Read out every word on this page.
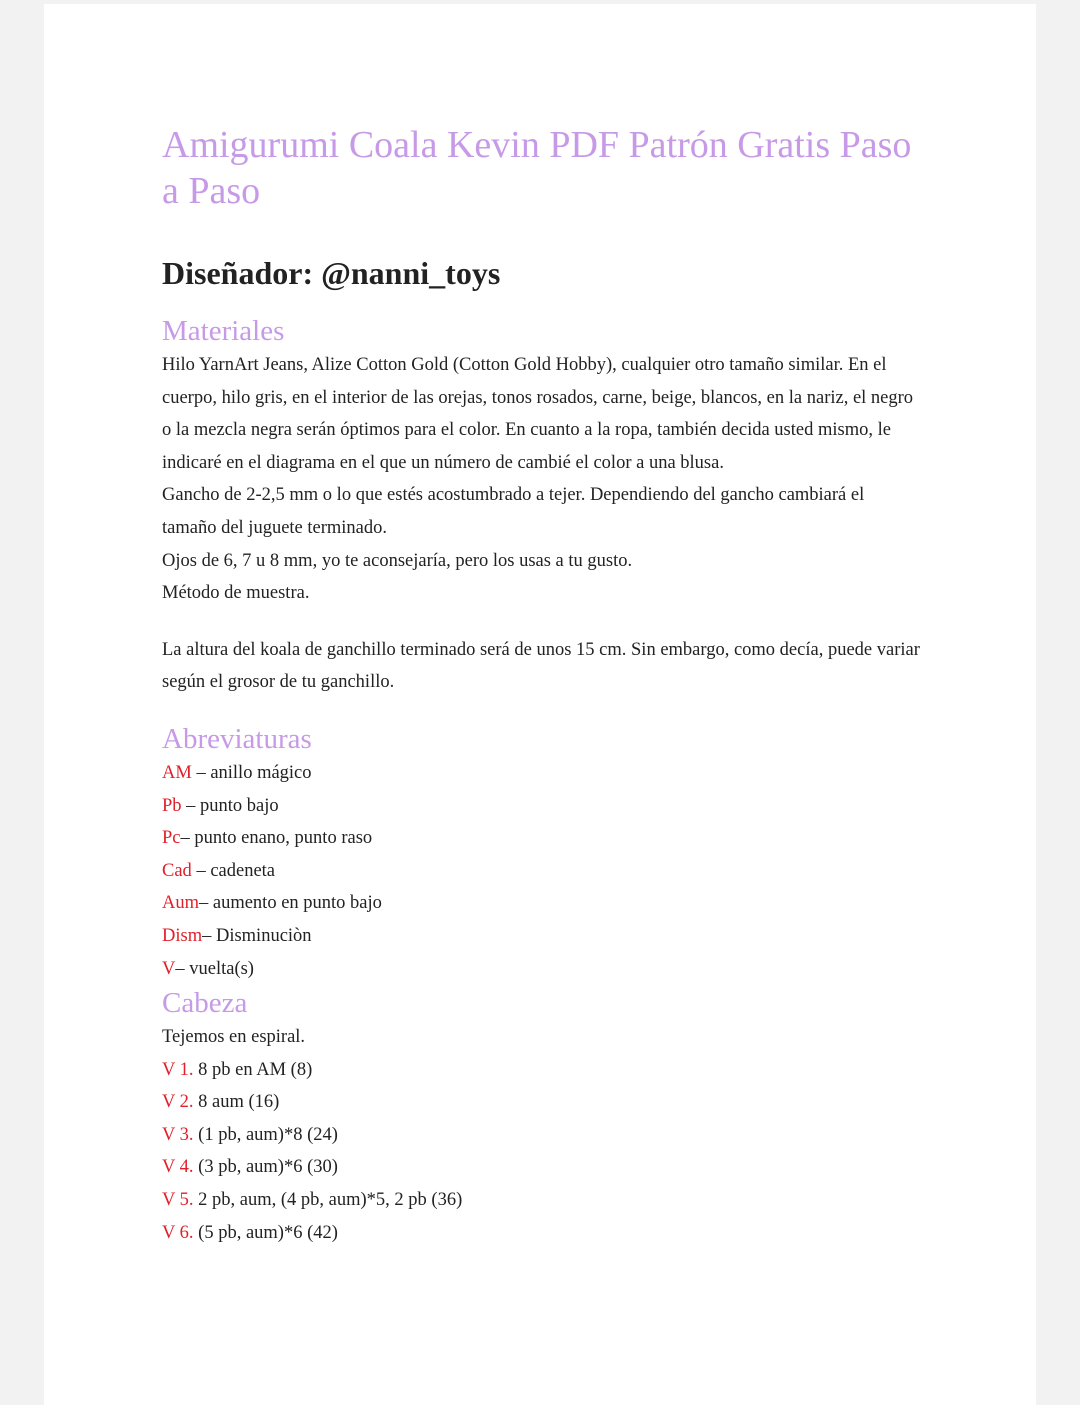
Amigurumi Coala Kevin PDF Patrón Gratis Paso a Paso
Diseñador: @nanni_toys
Materiales

Hilo YarnArt Jeans, Alize Cotton Gold (Cotton Gold Hobby), cualquier otro tamaño similar. En el cuerpo, hilo gris, en el interior de las orejas, tonos rosados, carne, beige, blancos, en la nariz, el negro o la mezcla negra serán óptimos para el color. En cuanto a la ropa, también decida usted mismo, le indicaré en el diagrama en el que un número de cambié el color a una blusa.

Gancho de 2-2,5 mm o lo que estés acostumbrado a tejer. Dependiendo del gancho cambiará el tamaño del juguete terminado.

Ojos de 6, 7 u 8 mm, yo te aconsejaría, pero los usas a tu gusto.

Método de muestra.

La altura del koala de ganchillo terminado será de unos 15 cm. Sin embargo, como decía, puede variar según el grosor de tu ganchillo.

Abreviaturas

AM – anillo mágico

Pb – punto bajo

Pc– punto enano, punto raso

Cad – cadeneta

Aum– aumento en punto bajo

Dism– Disminuciòn

V– vuelta(s)

Cabeza

Tejemos en espiral.

V 1. 8 pb en AM (8)

V 2. 8 aum (16)

V 3. (1 pb, aum)*8 (24)

V 4. (3 pb, aum)*6 (30)

V 5. 2 pb, aum, (4 pb, aum)*5, 2 pb (36)

V 6. (5 pb, aum)*6 (42)
